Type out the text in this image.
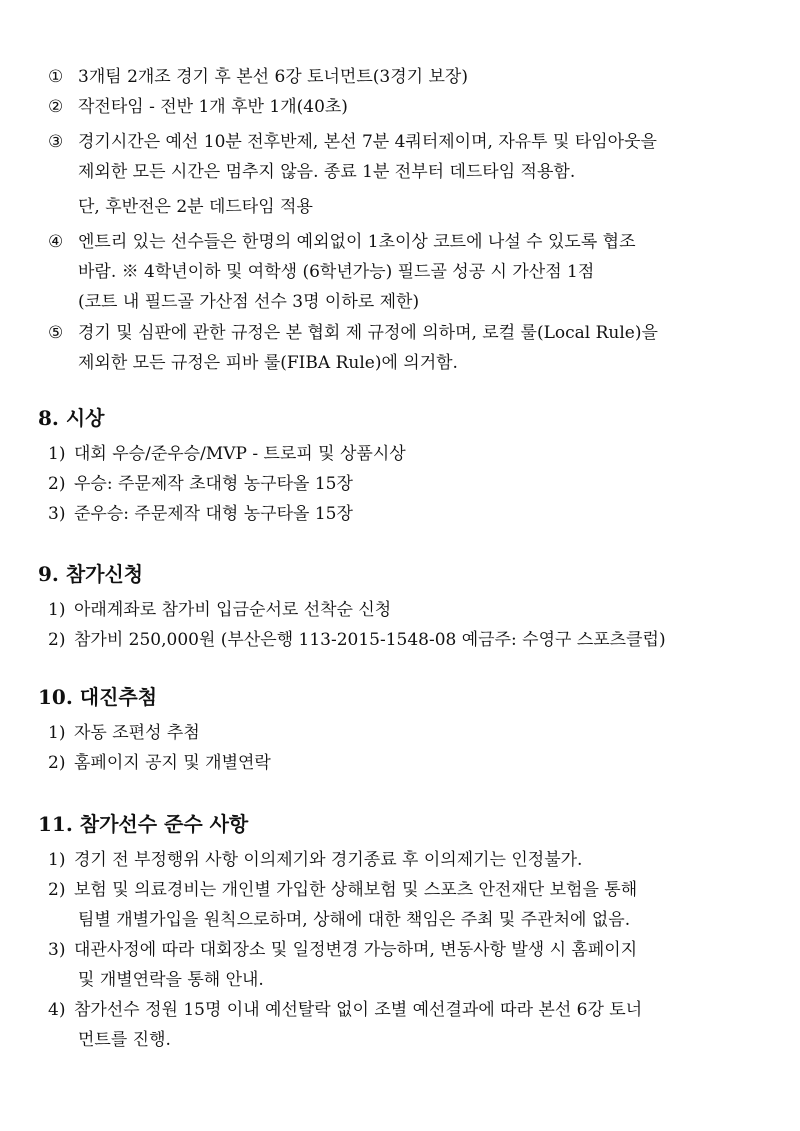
① 3개팀 2개조 경기 후 본선 6강 토너먼트(3경기 보장)
② 작전타임 - 전반 1개 후반 1개(40초)
③ 경기시간은 예선 10분 전후반제, 본선 7분 4쿼터제이며, 자유투 및 타임아웃을
제외한 모든 시간은 멈추지 않음. 종료 1분 전부터 데드타임 적용함.
단, 후반전은 2분 데드타임 적용
④ 엔트리 있는 선수들은 한명의 예외없이 1초이상 코트에 나설 수 있도록 협조
바람. ※ 4학년이하 및 여학생 (6학년가능) 필드골 성공 시 가산점 1점
(코트 내 필드골 가산점 선수 3명 이하로 제한)
⑤ 경기 및 심판에 관한 규정은 본 협회 제 규정에 의하며, 로컬 룰(Local Rule)을
제외한 모든 규정은 피바 룰(FIBA Rule)에 의거함.
8. 시상
1) 대회 우승/준우승/MVP - 트로피 및 상품시상
2) 우승: 주문제작 초대형 농구타올 15장
3) 준우승: 주문제작 대형 농구타올 15장
9. 참가신청
1) 아래계좌로 참가비 입금순서로 선착순 신청
2) 참가비 250,000원 (부산은행 113-2015-1548-08 예금주: 수영구 스포츠클럽)
10. 대진추첨
1) 자동 조편성 추첨
2) 홈페이지 공지 및 개별연락
11. 참가선수 준수 사항
1) 경기 전 부정행위 사항 이의제기와 경기종료 후 이의제기는 인정불가.
2) 보험 및 의료경비는 개인별 가입한 상해보험 및 스포츠 안전재단 보험을 통해
팀별 개별가입을 원칙으로하며, 상해에 대한 책임은 주최 및 주관처에 없음.
3) 대관사정에 따라 대회장소 및 일정변경 가능하며, 변동사항 발생 시 홈페이지
및 개별연락을 통해 안내.
4) 참가선수 정원 15명 이내 예선탈락 없이 조별 예선결과에 따라 본선 6강 토너
먼트를 진행.
